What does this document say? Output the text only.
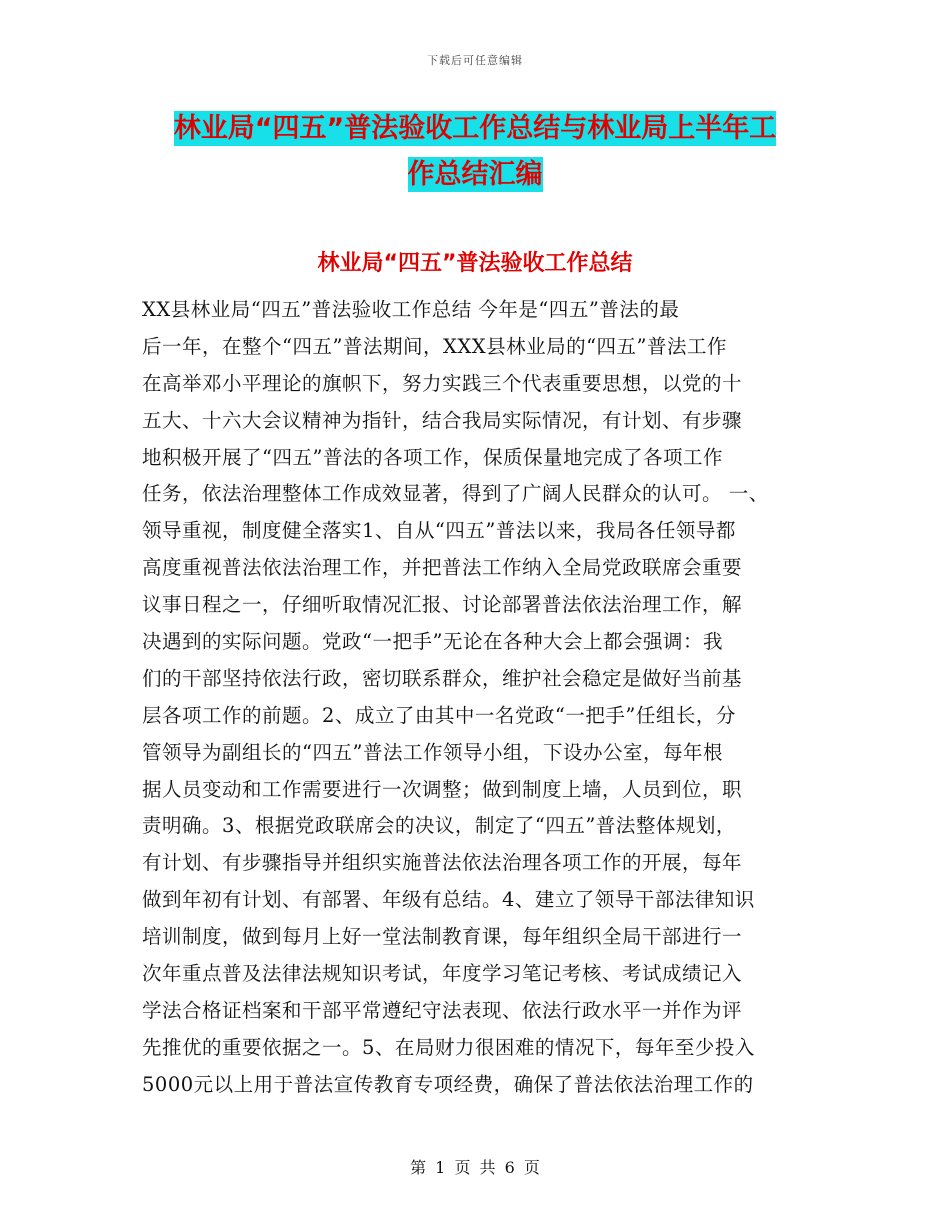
下载后可任意编辑
林业局“四五”普法验收工作总结与林业局上半年工
作总结汇编
林业局“四五”普法验收工作总结
XX县林业局“四五”普法验收工作总结 今年是“四五”普法的最
后一年，在整个“四五”普法期间，XXX县林业局的“四五”普法工作
在高举邓小平理论的旗帜下，努力实践三个代表重要思想，以党的十
五大、十六大会议精神为指针，结合我局实际情况，有计划、有步骤
地积极开展了“四五”普法的各项工作，保质保量地完成了各项工作
任务，依法治理整体工作成效显著，得到了广阔人民群众的认可。 一、
领导重视，制度健全落实1、自从“四五”普法以来，我局各任领导都
高度重视普法依法治理工作，并把普法工作纳入全局党政联席会重要
议事日程之一，仔细听取情况汇报、讨论部署普法依法治理工作，解
决遇到的实际问题。党政“一把手”无论在各种大会上都会强调：我
们的干部坚持依法行政，密切联系群众，维护社会稳定是做好当前基
层各项工作的前题。2、成立了由其中一名党政“一把手”任组长，分
管领导为副组长的“四五”普法工作领导小组，下设办公室，每年根
据人员变动和工作需要进行一次调整；做到制度上墙，人员到位，职
责明确。3、根据党政联席会的决议，制定了“四五”普法整体规划，
有计划、有步骤指导并组织实施普法依法治理各项工作的开展，每年
做到年初有计划、有部署、年级有总结。4、建立了领导干部法律知识
培训制度，做到每月上好一堂法制教育课，每年组织全局干部进行一
次年重点普及法律法规知识考试，年度学习笔记考核、考试成绩记入
学法合格证档案和干部平常遵纪守法表现、依法行政水平一并作为评
先推优的重要依据之一。5、在局财力很困难的情况下，每年至少投入
5000元以上用于普法宣传教育专项经费，确保了普法依法治理工作的
第 1 页 共 6 页
